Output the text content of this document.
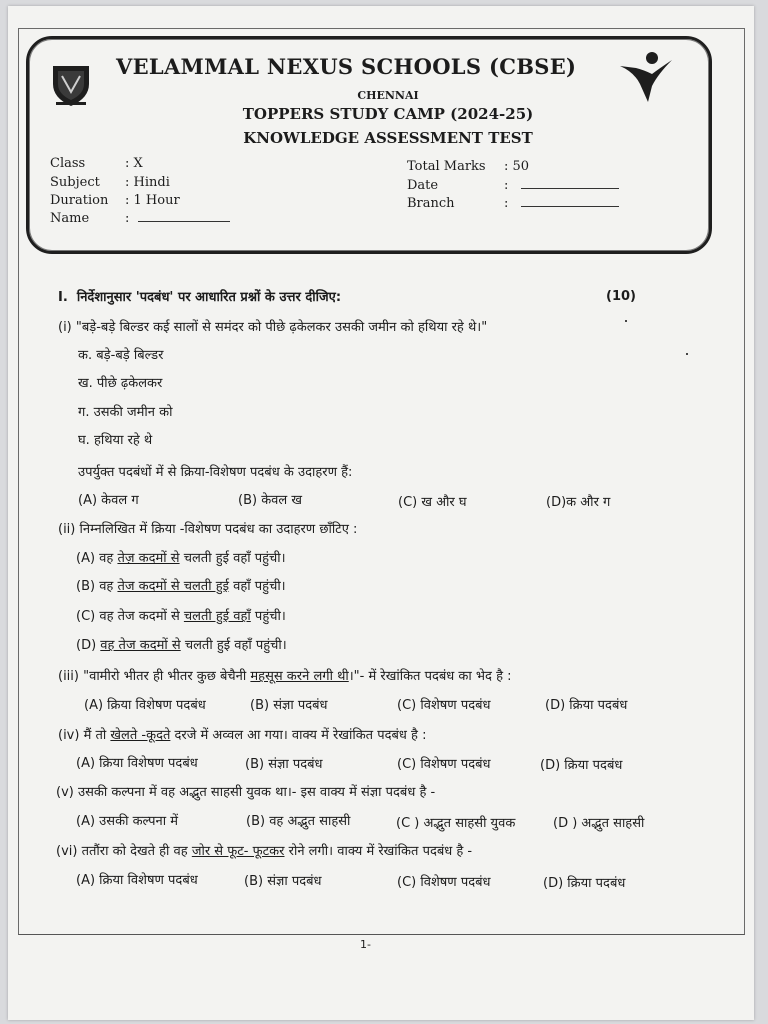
VELAMMAL NEXUS SCHOOLS (CBSE)
CHENNAI
TOPPERS STUDY CAMP (2024-25)
KNOWLEDGE ASSESSMENT TEST
Class	: X
Subject : Hindi
Duration : 1 Hour
Name	:
Total Marks : 50
Date	:
Branch	:
I. निर्देशानुसार 'पदबंध' पर आधारित प्रश्नों के उत्तर दीजिए:	(10)
(i) "बड़े-बड़े बिल्डर कई सालों से समंदर को पीछे ढ़केलकर उसकी जमीन को हथिया रहे थे।"
क. बड़े-बड़े बिल्डर
ख. पीछे ढ़केलकर
ग. उसकी जमीन को
घ. हथिया रहे थे
उपर्युक्त पदबंधों में से क्रिया-विशेषण पदबंध के उदाहरण हैं:
(A) केवल ग	(B) केवल ख	(C) ख और घ	(D)क और ग
(ii) निम्नलिखित में क्रिया -विशेषण पदबंध का उदाहरण छाँटिए :
(A) वह तेज़ कदमों से चलती हुई वहाँ पहुंची।
(B) वह तेज कदमों से चलती हुई वहाँ पहुंची।
(C) वह तेज कदमों से चलती हुई वहाँ पहुंची।
(D) वह तेज कदमों से चलती हुई वहाँ पहुंची।
(iii) "वामीरो भीतर ही भीतर कुछ बेचैनी महसूस करने लगी थी।"- में रेखांकित पदबंध का भेद है :
(A) क्रिया विशेषण पदबंध	(B) संज्ञा पदबंध	(C) विशेषण पदबंध	(D) क्रिया पदबंध
(iv) मैं तो खेलते -कूदते दरजे में अव्वल आ गया। वाक्य में रेखांकित पदबंध है :
(A) क्रिया विशेषण पदबंध	(B) संज्ञा पदबंध	(C) विशेषण पदबंध	(D) क्रिया पदबंध
(v) उसकी कल्पना में वह अद्भुत साहसी युवक था।- इस वाक्य में संज्ञा पदबंध है -
(A) उसकी कल्पना में	(B) वह अद्भुत साहसी	(C ) अद्भुत साहसी युवक	(D ) अद्भुत साहसी
(vi) ततौंरा को देखते ही वह जोर से फूट- फूटकर रोने लगी। वाक्य में रेखांकित पदबंध है -
(A) क्रिया विशेषण पदबंध	(B) संज्ञा पदबंध	(C) विशेषण पदबंध	(D) क्रिया पदबंध
1-
